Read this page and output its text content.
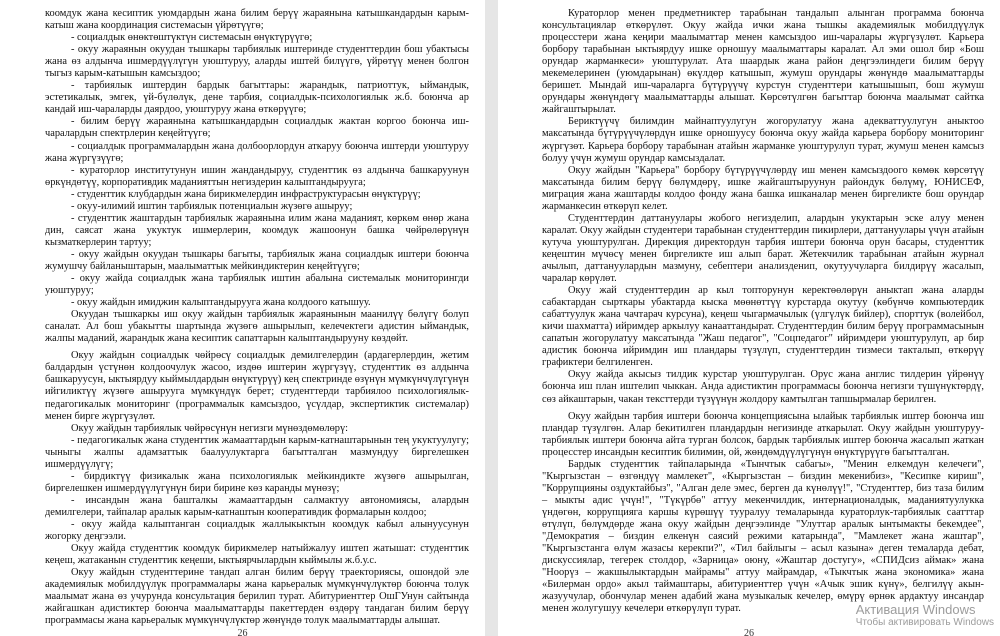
коомдук жана кесиптик уюмдардын жана билим берүү жараянына катышкандардын карым-катыш жана координация системасын үйрөтүүгө;

- социалдык өнөктөштүктүн системасын өнүктүрүүгө;

- окуу жараянын окуудан тышкары тарбиялык иштеринде студенттердин бош убактысы жана өз алдынча ишмердүүлүгүн уюштуруу, аларды иштей билүүгө, үйрөтүү менен болгон тыгыз карым-катышын камсыздоо;

- тарбиялык иштердин бардык багыттары: жарандык, патриоттук, ыймандык, эстетикалык, эмгек, үй-бүлөлүк, дене тарбия, социалдык-психологиялык ж.б. боюнча ар кандай иш-чараларды даярдоо, уюштуруу жана өткөрүүгө;

- билим берүү жараянына катышкандардын социалдык жактан коргоо боюнча иш-чаралардын спектрлерин кеңейтүүгө;

- социалдык программалардын жана долбоорлордун аткаруу боюнча иштерди уюштуруу жана жүргүзүүгө;

- кураторлор институтунун ишин жандандыруу, студенттик өз алдынча башкаруунун өркүндөтүү, корпоративдик маданияттын негиздерин калыптандырууга;

- студенттик клубдардын жана бирикмелердин инфраструктурасын өнүктүрүү;

- окуу-илимий иштин тарбиялык потенциалын жүзөгө ашыруу;

- студенттик жаштардын тарбиялык жараянына илим жана маданият, көркөм өнөр жана дин, саясат жана укуктук ишмерлерин, коомдук жашоонун башка чөйрөлөрүнүн кызматкерлерин тартуу;

- окуу жайдын окуудан тышкары багыты, тарбиялык жана социалдык иштери боюнча жумушчу байланыштарын, маалыматтык мейкиндиктерин кеңейтүүгө;

- окуу жайда социалдык жана тарбиялык иштин абалына системалык мониторингди уюштуруу;

- окуу жайдын имиджин калыптандырууга жана колдоого катышуу.

Окуудан тышкаркы иш окуу жайдын тарбиялык жараянынын маанилүү бөлүгү болуп саналат. Ал бош убакытты шартында жүзөгө ашырылып, келечектеги адистин ыймандык, жалпы маданий, жарандык жана кесиптик сапаттарын калыптандырууну көздөйт.

Окуу жайдын социалдык чөйрөсү социалдык демилгелердин (ардагерлердин, жетим балдардын үстүнөн колдоочулук жасоо, издөө иштерин жүргүзүү, студенттик өз алдынча башкаруусун, ыктыярдуу кыймылдардын өнүктүрүү) кең спектринде өзүнүн мүмкүнчүлүгүнүн ийгиликтүү жүзөгө ашырууга мүмкүндүк берет; студенттерди тарбиялоо психологиялык-педагогикалык мониторинг (программалык камсыздоо, үсүлдар, экспертиктик системалар) менен бирге жүргүзүлөт.

Окуу жайдын тарбиялык чөйрөсүнүн негизги мүнөздөмөлөрү:

- педагогикалык жана студенттик жамааттардын карым-катнаштарынын тең укуктуулугу; чыныгы жалпы адамзаттык баалуулуктарга багытталган мазмундуу биргелешкен ишмердүүлүгү;

- бирдиктүү физикалык жана психологиялык мейкиндикте жүзөгө ашырылган, биргелешкен ишмердүүлүгүнүн бири бирине көз каранды мүнөзү;

- инсандын жана башталкы жамааттардын салмактуу автономиясы, алардын демилгелери, тайпалар аралык карым-катнаштын кооперативдик формаларын колдоо;

- окуу жайда калыптанган социалдык жаллыкыктын коомдук кабыл алынуусунун жогорку деңгээли.

Окуу жайда студенттик коомдук бирикмелер натыйжалуу иштеп жатышат: студенттик кеңеш, жатаканын студенттик кеңеши, ыктыярчылардын кыймылы ж.б.у.с.

Окуу жайдын студенттерине тандап алган билим берүү траекториясы, ошондой эле академиялык мобилдүүлүк программалары жана карьералык мүмкүнчүлүктөр боюнча толук маалымат жана өз учурунда консультация берилип турат. Абитуриенттер ОшГУнун сайтында жайгашкан адистиктер боюнча маалыматтарды пакеттерден өздөрү тандаган билим берүү программасы жана карьералык мүмкүнчүлүктөр жөнүндө толук маалыматтарды алышат.

26

Кураторлор менен предметниктер тарабынан тандалып алынган программа боюнча консультациялар өткөрүлөт. Окуу жайда ички жана тышкы академиялык мобилдүүлүк процесстери жана кеңири маалыматтар менен камсыздоо иш-чаралары жүргүзүлөт. Карьера борбору тарабынан ыктыярдуу ишке орношуу маалыматтары каралат. Ал эми ошол бир «Бош орундар жарманкеси» уюштурулат. Ата шаардык жана район деңгээлиндеги билим берүү мекемелеринен (уюмдарынан) өкүлдөр катышып, жумуш орундары жөнүндө маалыматтарды беришет. Мындай иш-чараларга бүтүрүүчү курстун студенттери катышышып, бош жумуш орундары жөнүндөгү маалыматтарды алышат. Көрсөтүлгөн багыттар боюнча маалымат сайтка жайгаштырылат.

Бериктүүчү билимдин майнаптуулугун жогорулатуу жана адекваттуулугун аныктоо максатында бүтүрүүчүлөрдүн ишке орношуусу боюнча окуу жайда карьера борбору мониторинг жүргүзөт. Карьера борбору тарабынан атайын жарманке уюштурулуп турат, жумуш менен камсыз болуу үчүн жумуш орундар камсыздалат.

Окуу жайдын "Карьера" борбору бүтүрүүчүлөрдү иш менен камсыздоого көмөк көрсөтүү максатында билим берүү бөлүмдөрү, ишке жайгаштыруунун райондук бөлүмү, ЮНИСЕФ, миграция жана жаштарды колдоо фонду жана башка ишканалар менен биргеликте бош орундар жарманкесин өткөрүп келет.

Студенттердин даттануулары жобого негизделип, алардын укуктарын эске алуу менен каралат. Окуу жайдын студентери тарабынан студенттердин пикирлери, даттануулары үчүн атайын кутуча уюштурулган. Дирекция директордун тарбия иштери боюнча орун басары, студенттик кеңештин мүчөсү менен биргеликте иш алып барат. Жетекчилик тарабынан атайын журнал ачылып, даттануулардын мазмуну, себептери анализденип, окутуучуларга билдирүү жасалып, чаралар көрүлөт.

Окуу жай студенттердин ар кыл топторунун керектөөлөрүн аныктап жана аларды сабактардан сырткары убактарда кыска мөөнөттүү курстарда окутуу (көбүнчө компьютердик сабаттуулук жана чачтарач курсуна), кеңеш чыгармачылык (үлгүлүк бийлер), спорттук (волейбол, кичи шахматта) ийримдер аркылуу канааттандырат. Студенттердин билим берүү программасынын сапатын жогорулатуу максатында "Жаш педагог", "Соцпедагог" ийримдери уюштурулуп, ар бир адистик боюнча ийримдин иш пландары түзүлүп, студенттердин тизмеси такталып, өткөрүү графиктери белгиленген.

Окуу жайда акысыз тилдик курстар уюштурулган. Орус жана англис тилдерин үйрөнүү боюнча иш план иштелип чыккан. Анда адистиктин программасы боюнча негизги түшүнүктөрдү, сөз айкаштарын, чакан тексттерди түзүүнүн жолдору камтылган тапшырмалар берилген.

Окуу жайдын тарбия иштери боюнча концепциясына ылайык тарбиялык иштер боюнча иш пландар түзүлгөн. Алар бекитилген пландардын негизинде аткарылат. Окуу жайдын уюштуруу-тарбиялык иштери боюнча айта турган болсок, бардык тарбиялык иштер боюнча жасалып жаткан процесстер инсандын кесиптик билимин, ой, жөндөмдүүлүгүнүн өнүктүрүүгө багытталган.

Бардык студенттик тайпаларында «Тынчтык сабагы», "Менин елкемдун келечеги", "Кыргызстан – өзгөндүү мамлекет", «Кыргызстан – биздин мекенибиз», "Кесипке кириш", "Коррупцияны оздуктайбыз", "Алган деле эмес, берген да күнөлүү!", "Студенттер, биз таза билим – мыкты адис үчүн!", "Түкүрбө" аттуу мекенчилдик, интернационалдык, маданиятуулукка үндөгөн, коррупцияга каршы күрөшүү тууралуу темаларында кураторлук-тарбиялык саатттар өтүлүп, бөлүмдөрде жана окуу жайдын деңгээлинде "Улуттар аралык ынтымакты бекемдее", "Демократия – биздин елкенүн саясий режими катарында", "Мамлекет жана жаштар", "Кыргызстанга өлүм жазасы керекпи?", «Тил байлыгы – асыл казына» деген темаларда дебат, дискуссиялар, тегерек столдор, «Зарница» оюну, «Жаштар достугу», «СПИДсиз аймак» жана "Ноорүз – жакшылыктардын майрамы" аттуу майрамдар, «Тыкчтык жана экономика» жана «Билерман ордо» акыл таймаштары, абитуриенттер үчүн «Ачык эшик күнү», белгилүү акын-жазуучулар, обончулар менен адабий жана музыкалык кечелер, өмүрү өрнөк ардактуу инсандар менен жолугушуу кечелери өткөрүлүп турат.

26
Активация Windows
Чтобы активировать Windows
